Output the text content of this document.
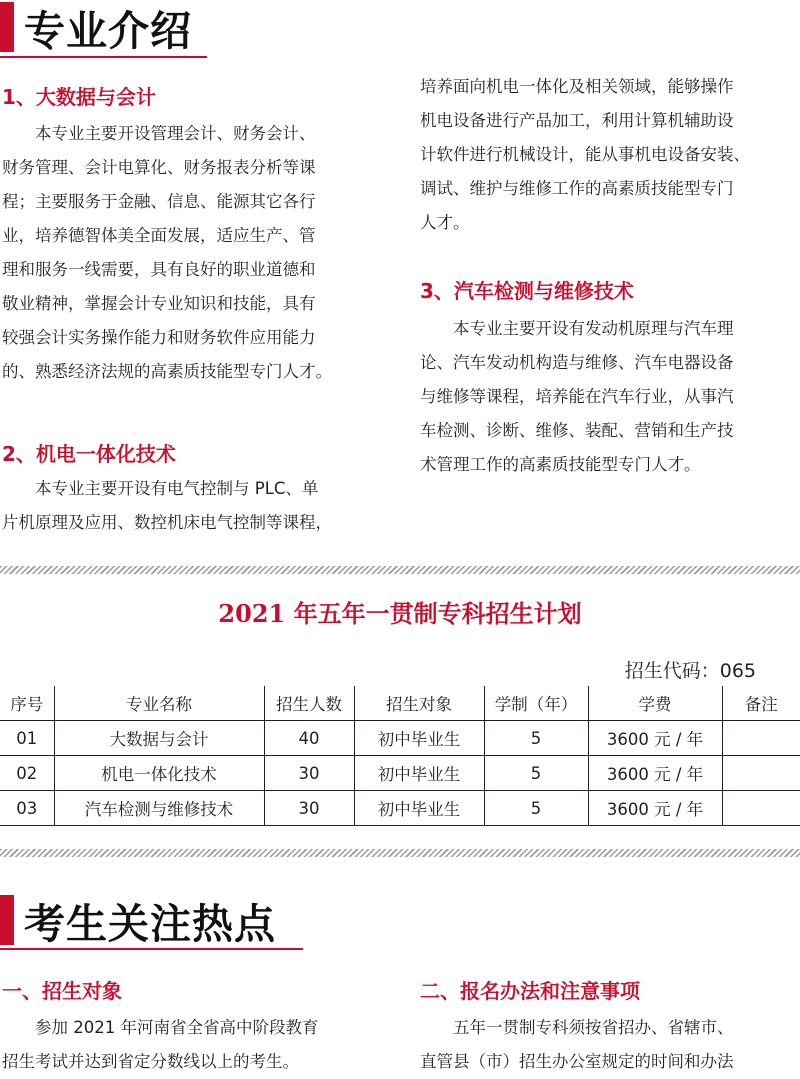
专业介绍
1、大数据与会计
本专业主要开设管理会计、财务会计、
财务管理、会计电算化、财务报表分析等课
程；主要服务于金融、信息、能源其它各行
业，培养德智体美全面发展，适应生产、管
理和服务一线需要，具有良好的职业道德和
敬业精神，掌握会计专业知识和技能，具有
较强会计实务操作能力和财务软件应用能力
的、熟悉经济法规的高素质技能型专门人才。
2、机电一体化技术
本专业主要开设有电气控制与 PLC、单
片机原理及应用、数控机床电气控制等课程，
培养面向机电一体化及相关领域，能够操作
机电设备进行产品加工，利用计算机辅助设
计软件进行机械设计，能从事机电设备安装、
调试、维护与维修工作的高素质技能型专门
人才。
3、汽车检测与维修技术
本专业主要开设有发动机原理与汽车理
论、汽车发动机构造与维修、汽车电器设备
与维修等课程，培养能在汽车行业，从事汽
车检测、诊断、维修、装配、营销和生产技
术管理工作的高素质技能型专门人才。
2021 年五年一贯制专科招生计划
招生代码：065
序号	专业名称	招生人数	招生对象	学制（年）	学费	备注
01	大数据与会计	40	初中毕业生	5	3600 元 / 年	
02	机电一体化技术	30	初中毕业生	5	3600 元 / 年	
03	汽车检测与维修技术	30	初中毕业生	5	3600 元 / 年	
考生关注热点
一、招生对象
参加 2021 年河南省全省高中阶段教育
招生考试并达到省定分数线以上的考生。
二、报名办法和注意事项
五年一贯制专科须按省招办、省辖市、
直管县（市）招生办公室规定的时间和办法
